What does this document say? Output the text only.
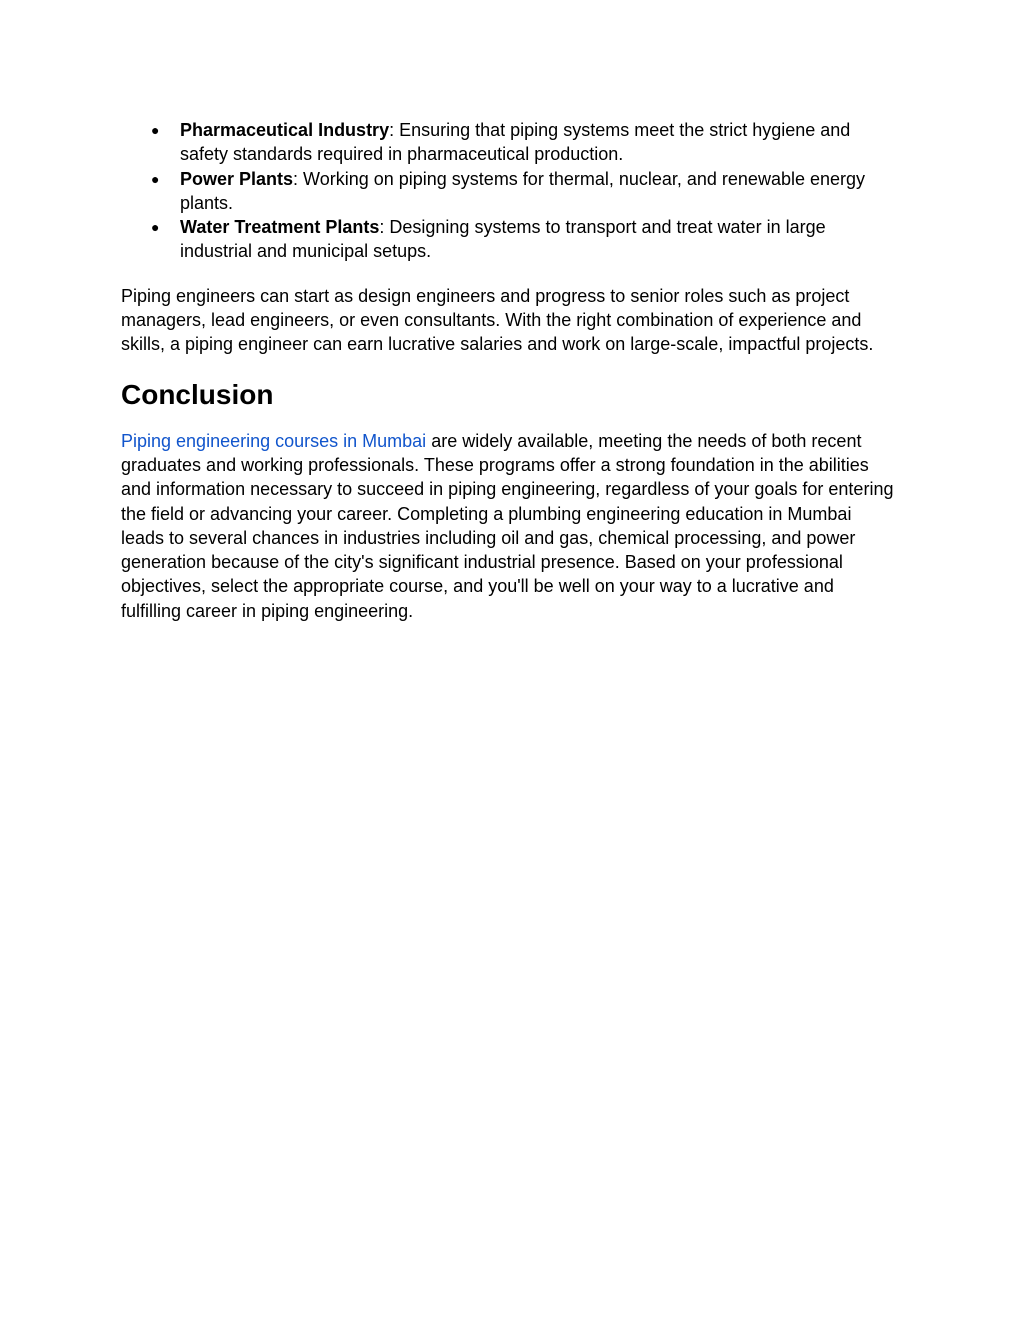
● Pharmaceutical Industry: Ensuring that piping systems meet the strict hygiene and safety standards required in pharmaceutical production.
● Power Plants: Working on piping systems for thermal, nuclear, and renewable energy plants.
● Water Treatment Plants: Designing systems to transport and treat water in large industrial and municipal setups.

Piping engineers can start as design engineers and progress to senior roles such as project managers, lead engineers, or even consultants. With the right combination of experience and skills, a piping engineer can earn lucrative salaries and work on large-scale, impactful projects.

Conclusion

Piping engineering courses in Mumbai are widely available, meeting the needs of both recent graduates and working professionals. These programs offer a strong foundation in the abilities and information necessary to succeed in piping engineering, regardless of your goals for entering the field or advancing your career. Completing a plumbing engineering education in Mumbai leads to several chances in industries including oil and gas, chemical processing, and power generation because of the city's significant industrial presence. Based on your professional objectives, select the appropriate course, and you'll be well on your way to a lucrative and fulfilling career in piping engineering.
